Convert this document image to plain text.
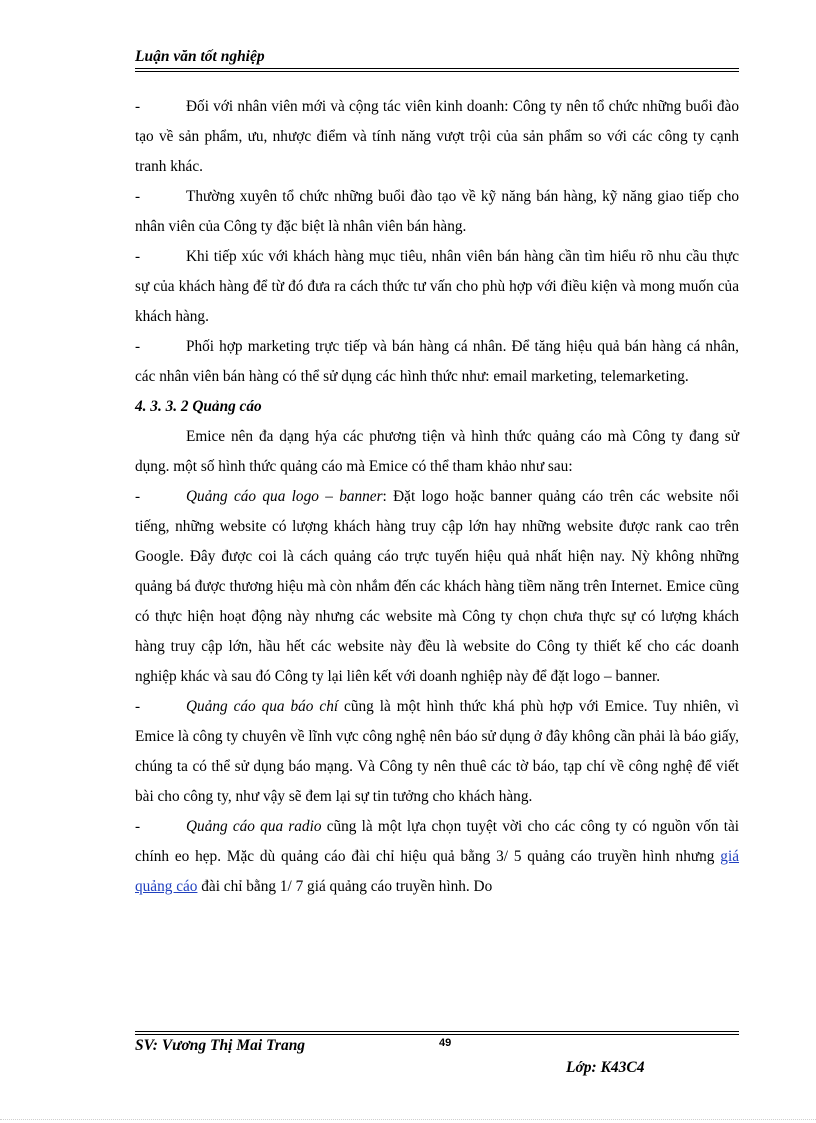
Luận văn tốt nghiệp

-	Đối với nhân viên mới và cộng tác viên kinh doanh: Công ty nên tổ chức những buổi đào tạo về sản phẩm, ưu, nhược điểm và tính năng vượt trội của sản phẩm so với các công ty cạnh tranh khác.

-	Thường xuyên tổ chức những buổi đào tạo về kỹ năng bán hàng, kỹ năng giao tiếp cho nhân viên của Công ty đặc biệt là nhân viên bán hàng.

-	Khi tiếp xúc với khách hàng mục tiêu, nhân viên bán hàng cần tìm hiểu rõ nhu cầu thực sự của khách hàng để từ đó đưa ra cách thức tư vấn cho phù hợp với điều kiện và mong muốn của khách hàng.

-	Phối hợp marketing trực tiếp và bán hàng cá nhân. Để tăng hiệu quả bán hàng cá nhân, các nhân viên bán hàng có thể sử dụng các hình thức như: email marketing, telemarketing.

4. 3. 3. 2 Quảng cáo

Emice nên đa dạng hýa các phương tiện và hình thức quảng cáo mà Công ty đang sử dụng. một số hình thức quảng cáo mà Emice có thể tham khảo như sau:

-	Quảng cáo qua logo – banner: Đặt logo hoặc banner quảng cáo trên các website nổi tiếng, những website có lượng khách hàng truy cập lớn hay những website được rank cao trên Google. Đây được coi là cách quảng cáo trực tuyến hiệu quả nhất hiện nay. Nỳ không những quảng bá được thương hiệu mà còn nhắm đến các khách hàng tiềm năng trên Internet. Emice cũng có thực hiện hoạt động này nhưng các website mà Công ty chọn chưa thực sự có lượng khách hàng truy cập lớn, hầu hết các website này đều là website do Công ty thiết kế cho các doanh nghiệp khác và sau đó Công ty lại liên kết với doanh nghiệp này để đặt logo – banner.

-	Quảng cáo qua báo chí cũng là một hình thức khá phù hợp với Emice. Tuy nhiên, vì Emice là công ty chuyên về lĩnh vực công nghệ nên báo sử dụng ở đây không cần phải là báo giấy, chúng ta có thể sử dụng báo mạng. Và Công ty nên thuê các tờ báo, tạp chí về công nghệ để viết bài cho công ty, như vậy sẽ đem lại sự tin tưởng cho khách hàng.

-	Quảng cáo qua radio cũng là một lựa chọn tuyệt vời cho các công ty có nguồn vốn tài chính eo hẹp. Mặc dù quảng cáo đài chỉ hiệu quả bằng 3/ 5 quảng cáo truyền hình nhưng giá quảng cáo đài chỉ bằng 1/ 7 giá quảng cáo truyền hình. Do

SV: Vương Thị Mai Trang	49
Lớp: K43C4
